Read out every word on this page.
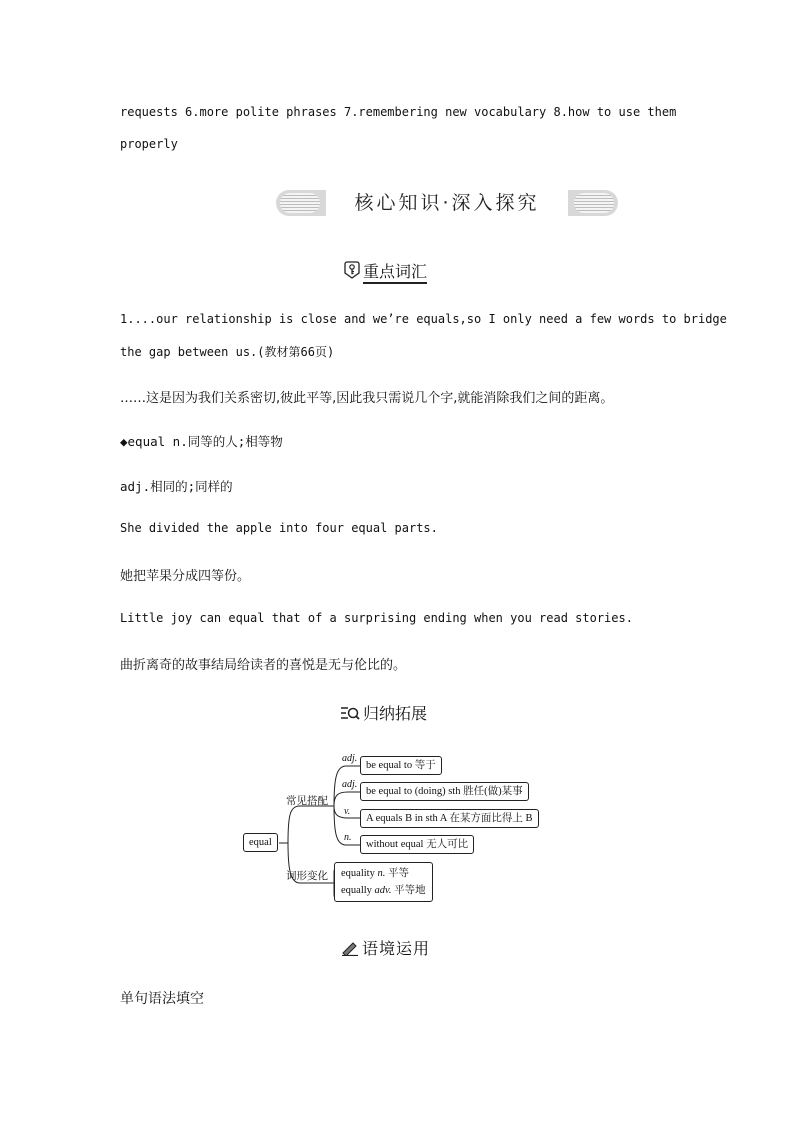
requests 6.more polite phrases 7.remembering new vocabulary 8.how to use them
properly
核心知识·深入探究
重点词汇
1....our relationship is close and we’re equals,so I only need a few words to bridge
the gap between us.(教材第66页)
……这是因为我们关系密切,彼此平等,因此我只需说几个字,就能消除我们之间的距离。
◆equal n.同等的人;相等物
adj.相同的;同样的
She divided the apple into four equal parts.
她把苹果分成四等份。
Little joy can equal that of a surprising ending when you read stories.
曲折离奇的故事结局给读者的喜悦是无与伦比的。
归纳拓展
equal
常见搭配
词形变化
adj.
be equal to 等于
adj.
be equal to (doing) sth 胜任(做)某事
v.
A equals B in sth A 在某方面比得上 B
n.
without equal 无人可比
equality n. 平等
equally adv. 平等地
语境运用
单句语法填空
